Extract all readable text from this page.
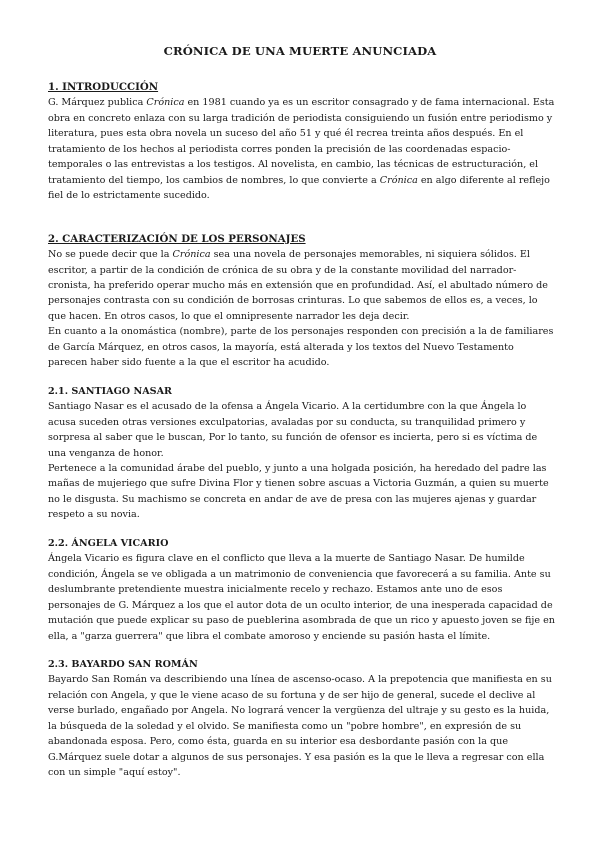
CRÓNICA DE UNA MUERTE ANUNCIADA
1. INTRODUCCIÓN

G. Márquez publica Crónica en 1981 cuando ya es un escritor consagrado y de fama internacional. Esta obra en concreto enlaza con su larga tradición de periodista consiguiendo un fusión entre periodismo y literatura, pues esta obra novela un suceso del año 51 y qué él recrea treinta años después. En el tratamiento de los hechos al periodista corres ponden la precisión de las coordenadas espacio-temporales o las entrevistas a los testigos. Al novelista, en cambio, las técnicas de estructuración, el tratamiento del tiempo, los cambios de nombres, lo que convierte a Crónica en algo diferente al reflejo fiel de lo estrictamente sucedido.

2. CARACTERIZACIÓN DE LOS PERSONAJES

No se puede decir que la Crónica sea una novela de personajes memorables, ni siquiera sólidos. El escritor, a partir de la condición de crónica de su obra y de la constante movilidad del narrador-cronista, ha preferido operar mucho más en extensión que en profundidad. Así, el abultado número de personajes contrasta con su condición de borrosas crinturas. Lo que sabemos de ellos es, a veces, lo que hacen. En otros casos, lo que el omnipresente narrador les deja decir.

En cuanto a la onomástica (nombre), parte de los personajes responden con precisión a la de familiares de García Márquez, en otros casos, la mayoría, está alterada y los textos del Nuevo Testamento parecen haber sido fuente a la que el escritor ha acudido.

2.1. SANTIAGO NASAR

Santiago Nasar es el acusado de la ofensa a Ángela Vicario. A la certidumbre con la que Ángela lo acusa suceden otras versiones exculpatorias, avaladas por su conducta, su tranquilidad primero y sorpresa al saber que le buscan, Por lo tanto, su función de ofensor es incierta, pero si es víctima de una venganza de honor.

Pertenece a la comunidad árabe del pueblo, y junto a una holgada posición, ha heredado del padre las mañas de mujeriego que sufre Divina Flor y tienen sobre ascuas a Victoria Guzmán, a quien su muerte no le disgusta. Su machismo se concreta en andar de ave de presa con las mujeres ajenas y guardar respeto a su novia.

2.2. ÁNGELA VICARIO

Ángela Vicario es figura clave en el conflicto que lleva a la muerte de Santiago Nasar. De humilde condición, Ángela se ve obligada a un matrimonio de conveniencia que favorecerá a su familia. Ante su deslumbrante pretendiente muestra inicialmente recelo y rechazo. Estamos ante uno de esos personajes de G. Márquez a los que el autor dota de un oculto interior, de una inesperada capacidad de mutación que puede explicar su paso de pueblerina asombrada de que un rico y apuesto joven se fije en ella, a "garza guerrera" que libra el combate amoroso y enciende su pasión hasta el límite.

2.3. BAYARDO SAN ROMÁN

Bayardo San Román va describiendo una línea de ascenso-ocaso. A la prepotencia que manifiesta en su relación con Angela, y que le viene acaso de su fortuna y de ser hijo de general, sucede el declive al verse burlado, engañado por Angela. No logrará vencer la vergüenza del ultraje y su gesto es la huida, la búsqueda de la soledad y el olvido. Se manifiesta como un "pobre hombre", en expresión de su abandonada esposa. Pero, como ésta, guarda en su interior esa desbordante pasión con la que G.Márquez suele dotar a algunos de sus personajes. Y esa pasión es la que le lleva a regresar con ella con un simple "aquí estoy".
